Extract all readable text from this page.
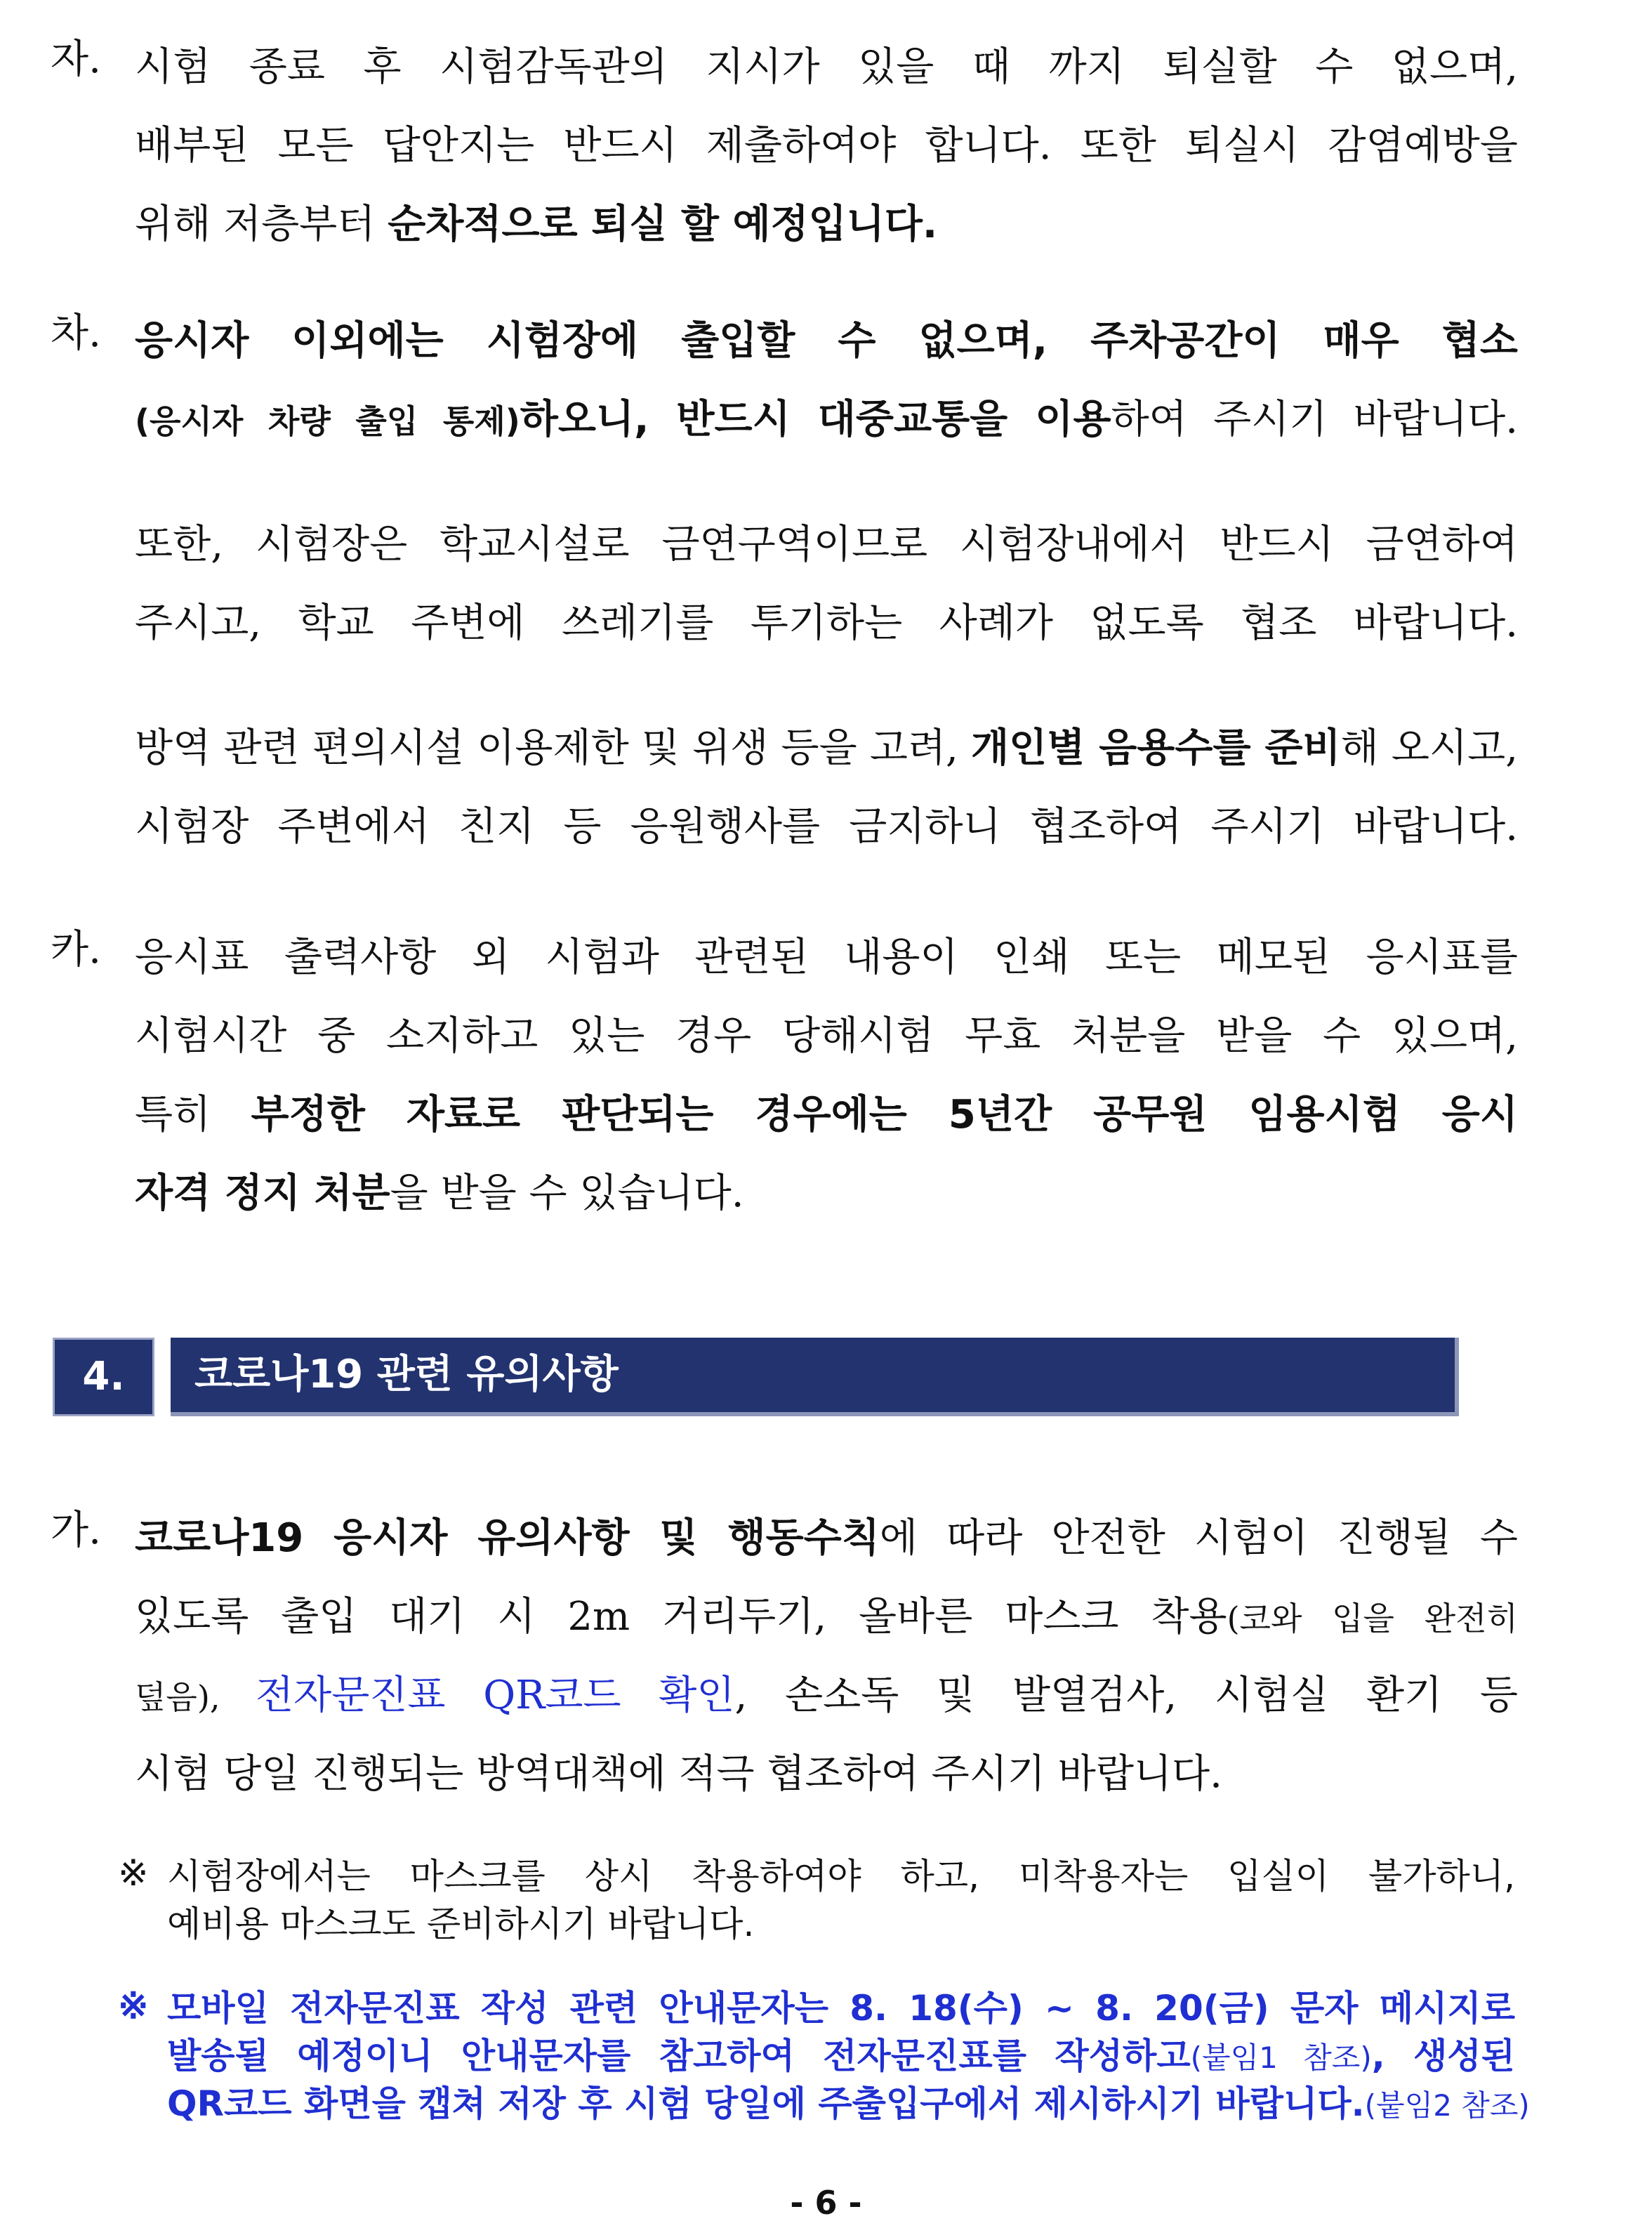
자. 시험 종료 후 시험감독관의 지시가 있을 때 까지 퇴실할 수 없으며,
배부된 모든 답안지는 반드시 제출하여야 합니다. 또한 퇴실시 감염예방을
위해 저층부터 순차적으로 퇴실 할 예정입니다.
차. 응시자 이외에는 시험장에 출입할 수 없으며, 주차공간이 매우 협소
(응시자 차량 출입 통제)하오니, 반드시 대중교통을 이용하여 주시기 바랍니다.
또한, 시험장은 학교시설로 금연구역이므로 시험장내에서 반드시 금연하여
주시고, 학교 주변에 쓰레기를 투기하는 사례가 없도록 협조 바랍니다.
방역 관련 편의시설 이용제한 및 위생 등을 고려, 개인별 음용수를 준비해 오시고,
시험장 주변에서 친지 등 응원행사를 금지하니 협조하여 주시기 바랍니다.
카. 응시표 출력사항 외 시험과 관련된 내용이 인쇄 또는 메모된 응시표를
시험시간 중 소지하고 있는 경우 당해시험 무효 처분을 받을 수 있으며,
특히 부정한 자료로 판단되는 경우에는 5년간 공무원 임용시험 응시
자격 정지 처분을 받을 수 있습니다.
4.	코로나19 관련 유의사항
가. 코로나19 응시자 유의사항 및 행동수칙에 따라 안전한 시험이 진행될 수
있도록 출입 대기 시 2m 거리두기, 올바른 마스크 착용(코와 입을 완전히
덮음), 전자문진표 QR코드 확인, 손소독 및 발열검사, 시험실 환기 등
시험 당일 진행되는 방역대책에 적극 협조하여 주시기 바랍니다.
※ 시험장에서는 마스크를 상시 착용하여야 하고, 미착용자는 입실이 불가하니,
예비용 마스크도 준비하시기 바랍니다.
※ 모바일 전자문진표 작성 관련 안내문자는 8. 18(수) ~ 8. 20(금) 문자 메시지로
발송될 예정이니 안내문자를 참고하여 전자문진표를 작성하고(붙임1 참조), 생성된
QR코드 화면을 캡쳐 저장 후 시험 당일에 주출입구에서 제시하시기 바랍니다.(붙임2 참조)
- 6 -
